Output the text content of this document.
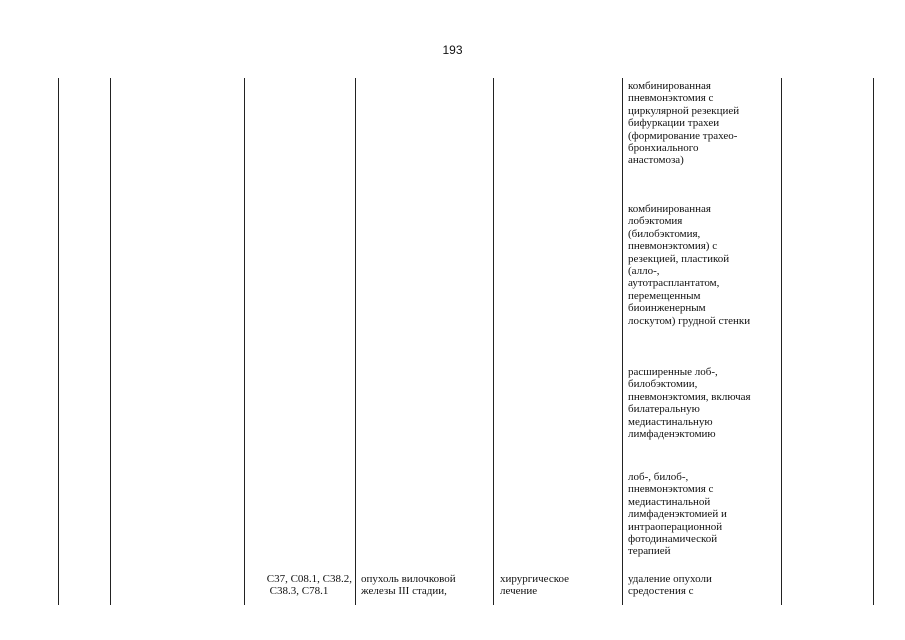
193
комбинированная
пневмонэктомия с
циркулярной резекцией
бифуркации трахеи
(формирование трахео-
бронхиального
анастомоза)
комбинированная
лобэктомия
(билобэктомия,
пневмонэктомия) с
резекцией, пластикой
(алло-,
аутотрасплантатом,
перемещенным
биоинженерным
лоскутом) грудной стенки
расширенные лоб-,
билобэктомии,
пневмонэктомия, включая
билатеральную
медиастинальную
лимфаденэктомию
лоб-, билоб-,
пневмонэктомия с
медиастинальной
лимфаденэктомией и
интраоперационной
фотодинамической
терапией
удаление опухоли
средостения с
C37, C08.1, C38.2,
C38.3, C78.1
опухоль вилочковой
железы III стадии,
хирургическое
лечение
